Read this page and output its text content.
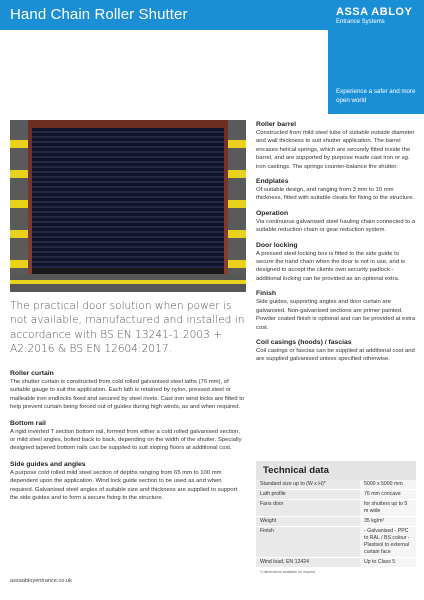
Hand Chain Roller Shutter	ASSA ABLOY
Entrance Systems
Experience a safer and more open world
The practical door solution when power is not available, manufactured and installed in accordance with BS EN 13241-1:2003 + A2:2016 & BS EN 12604:2017.
Roller curtain
The shutter curtain is constructed from cold rolled galvanised steel laths (76 mm), of suitable gauge to suit the application. Each lath is retained by nylon, pressed steel or malleable iron endlocks fixed and secured by steel rivets. Cast iron wind locks are fitted to help prevent curtain being forced out of guides during high winds, as and when required.
Bottom rail
A rigid inverted T section bottom rail, formed from either a cold rolled galvanised section, or mild steel angles, bolted back to back, depending on the width of the shutter. Specially designed tapered bottom rails can be supplied to suit sloping floors at additional cost.
Side guides and angles
A purpose cold rolled mild steel section of depths ranging from 65 mm to 100 mm dependent upon the application. Wind lock guide section to be used as and when required. Galvanised steel angles of suitable size and thickness are supplied to support the side guides and to form a secure fixing to the structure.
Roller barrel
Constructed from mild steel tube of suitable outside diameter and wall thickness to suit shutter application. The barrel encases helical springs, which are securely fitted inside the barrel, and are supported by purpose made cast iron or sg. iron castings. The springs counter-balance the shutter.
Endplates
Of suitable design, and ranging from 3 mm to 10 mm thickness, fitted with suitable cleats for fixing to the structure.
Operation
Via continuous galvanised steel hauling chain connected to a suitable reduction chain or gear reduction system.
Door locking
A pressed steel locking box is fitted to the side guide to secure the hand chain when the door is not in use, and is designed to accept the clients own security padlock - additional locking can be provided as an optional extra.
Finish
Side guides, supporting angles and door curtain are galvanised. Non-galvanised sections are primer painted. Powder coated finish is optional and can be provided at extra cost.
Coil casings (hoods) / fascias
Coil casings or fascias can be supplied at additional cost and are supplied galvanised unless specified otherwise.
Technical data
Standard size up to (W x H)*	5000 x 5000 mm
Lath profile	76 mm concave
Fans door	for shutters up to 5 m wide
Weight	35 kg/m²
Finish	- Galvanised - PPC to RAL / BS colour - Plastisol to external curtain face
Wind load, EN 12424	Up to Class 5
*) dimensions available on request
assaabloyentrance.co.uk
